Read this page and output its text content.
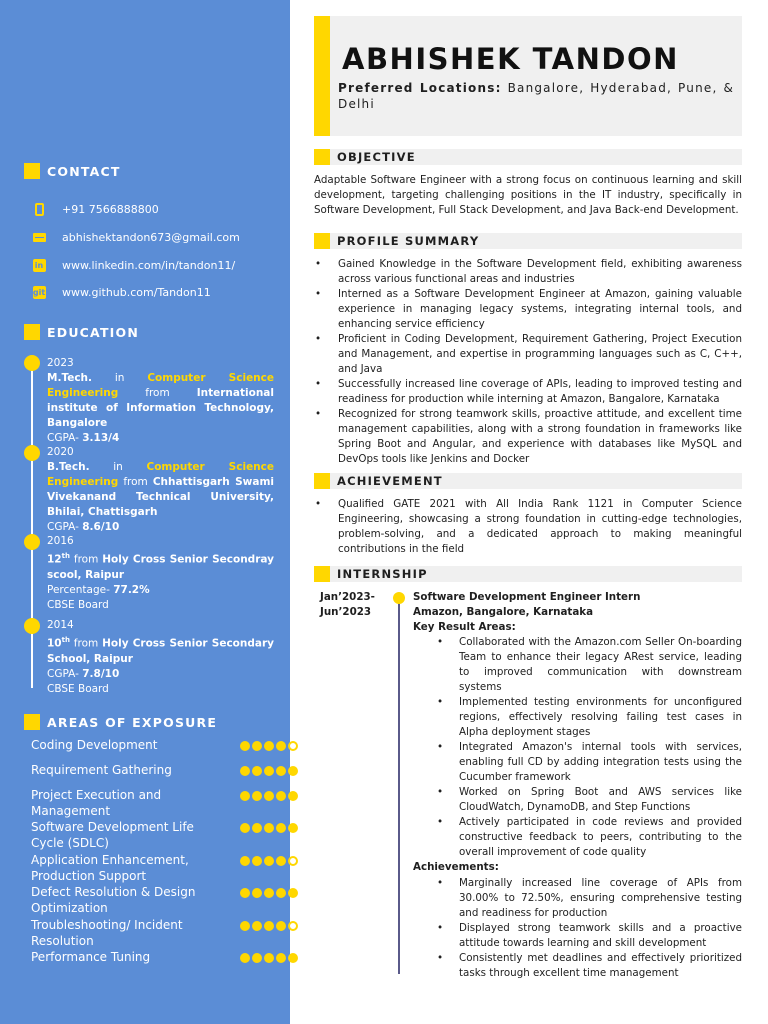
CONTACT
+91 7566888800
abhishektandon673@gmail.com
in www.linkedin.com/in/tandon11/
git www.github.com/Tandon11
EDUCATION
2023
M.Tech. in Computer Science Engineering from International institute of Information Technology, Bangalore
CGPA- 3.13/4
2020
B.Tech. in Computer Science Engineering from Chhattisgarh Swami Vivekanand Technical University, Bhilai, Chattisgarh
CGPA- 8.6/10
2016
12th from Holy Cross Senior Secondray scool, Raipur
Percentage- 77.2%
CBSE Board
2014
10th from Holy Cross Senior Secondary School, Raipur
CGPA- 7.8/10
CBSE Board
AREAS OF EXPOSURE
Coding Development
Requirement Gathering
Project Execution and Management
Software Development Life Cycle (SDLC)
Application Enhancement, Production Support
Defect Resolution & Design Optimization
Troubleshooting/ Incident Resolution
Performance Tuning
ABHISHEK TANDON
Preferred Locations: Bangalore, Hyderabad, Pune, & Delhi
OBJECTIVE
Adaptable Software Engineer with a strong focus on continuous learning and skill development, targeting challenging positions in the IT industry, specifically in Software Development, Full Stack Development, and Java Back-end Development.
PROFILE SUMMARY
• Gained Knowledge in the Software Development field, exhibiting awareness across various functional areas and industries
• Interned as a Software Development Engineer at Amazon, gaining valuable experience in managing legacy systems, integrating internal tools, and enhancing service efficiency
• Proficient in Coding Development, Requirement Gathering, Project Execution and Management, and expertise in programming languages such as C, C++, and Java
• Successfully increased line coverage of APIs, leading to improved testing and readiness for production while interning at Amazon, Bangalore, Karnataka
• Recognized for strong teamwork skills, proactive attitude, and excellent time management capabilities, along with a strong foundation in frameworks like Spring Boot and Angular, and experience with databases like MySQL and DevOps tools like Jenkins and Docker
ACHIEVEMENT
• Qualified GATE 2021 with All India Rank 1121 in Computer Science Engineering, showcasing a strong foundation in cutting-edge technologies, problem-solving, and a dedicated approach to making meaningful contributions in the field
INTERNSHIP
Jan’2023-
Jun’2023
Software Development Engineer Intern
Amazon, Bangalore, Karnataka
Key Result Areas:
• Collaborated with the Amazon.com Seller On-boarding Team to enhance their legacy ARest service, leading to improved communication with downstream systems
• Implemented testing environments for unconfigured regions, effectively resolving failing test cases in Alpha deployment stages
• Integrated Amazon's internal tools with services, enabling full CD by adding integration tests using the Cucumber framework
• Worked on Spring Boot and AWS services like CloudWatch, DynamoDB, and Step Functions
• Actively participated in code reviews and provided constructive feedback to peers, contributing to the overall improvement of code quality
Achievements:
• Marginally increased line coverage of APIs from 30.00% to 72.50%, ensuring comprehensive testing and readiness for production
• Displayed strong teamwork skills and a proactive attitude towards learning and skill development
• Consistently met deadlines and effectively prioritized tasks through excellent time management
